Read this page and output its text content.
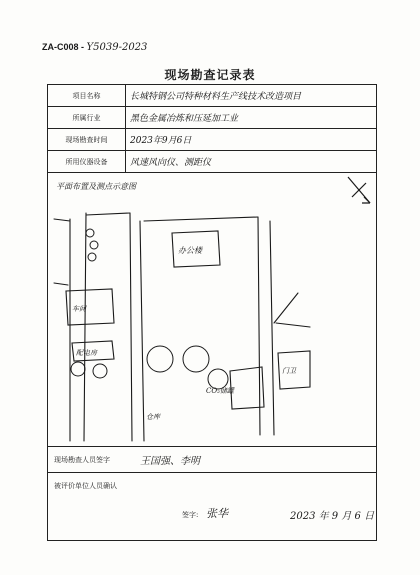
ZA-C008 - Y5039-2023
现场勘查记录表
项目名称	长城特钢公司特种材料生产线技术改造项目
所属行业	黑色金属冶炼和压延加工业
现场勘查时间	2023年9月6日
所用仪器设备	风速风向仪、测距仪
平面布置及测点示意图
办公楼
车间
仓库
配电房
CO₂储罐
门卫
现场勘查人员签字	王国强、李明
被评价单位人员确认
签字: 张华	2023 年 9 月 6 日
